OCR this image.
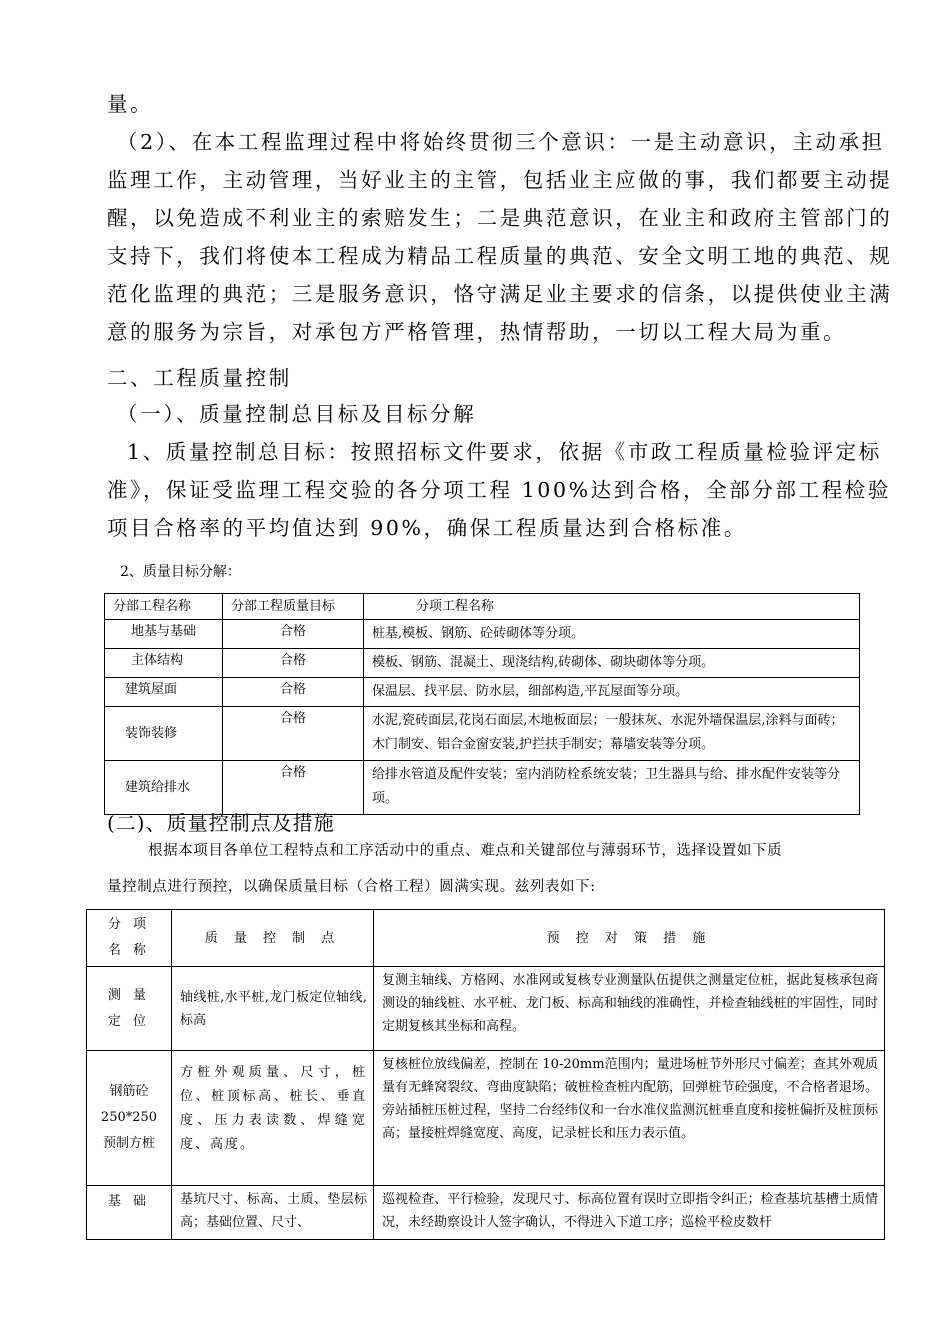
量。
（2）、在本工程监理过程中将始终贯彻三个意识：一是主动意识，主动承担
监理工作，主动管理，当好业主的主管，包括业主应做的事，我们都要主动提
醒，以免造成不利业主的索赔发生；二是典范意识，在业主和政府主管部门的
支持下，我们将使本工程成为精品工程质量的典范、安全文明工地的典范、规
范化监理的典范；三是服务意识，恪守满足业主要求的信条，以提供使业主满
意的服务为宗旨，对承包方严格管理，热情帮助，一切以工程大局为重。
二、工程质量控制
（一）、质量控制总目标及目标分解
1、质量控制总目标：按照招标文件要求，依据《市政工程质量检验评定标
准》，保证受监理工程交验的各分项工程 100%达到合格，全部分部工程检验
项目合格率的平均值达到 90%，确保工程质量达到合格标准。
2、质量目标分解：
分部工程名称	分部工程质量目标	分项工程名称
地基与基础	合格	桩基,模板、钢筋、砼砖砌体等分项。
主体结构	合格	模板、钢筋、混凝土、现浇结构,砖砌体、砌块砌体等分项。
建筑屋面	合格	保温层、找平层、防水层，细部构造,平瓦屋面等分项。
装饰装修	合格	水泥,瓷砖面层,花岗石面层,木地板面层；一般抹灰、水泥外墙保温层,涂料与面砖；木门制安、铝合金窗安装,护拦扶手制安；幕墙安装等分项。
建筑给排水	合格	给排水管道及配件安装；室内消防栓系统安装；卫生器具与给、排水配件安装等分项。
(二)、质量控制点及措施
根据本项目各单位工程特点和工序活动中的重点、难点和关键部位与薄弱环节，选择设置如下质
量控制点进行预控，以确保质量目标（合格工程）圆满实现。兹列表如下:
分 项 名 称	质 量 控 制 点	预 控 对 策 措 施
测 量 定 位	轴线桩,水平桩,龙门板定位轴线,标高	复测主轴线、方格网、水准网或复核专业测量队伍提供之测量定位桩，据此复核承包商测设的轴线桩、水平桩、龙门板、标高和轴线的准确性，并检查轴线桩的牢固性，同时定期复核其坐标和高程。
钢筋砼 250*250 预制方桩	方桩外观质量、尺寸，桩位、桩顶标高、桩长、垂直度、压力表读数、焊缝宽度、高度。	复核桩位放线偏差，控制在 10-20mm范围内；量进场桩节外形尺寸偏差；查其外观质量有无蜂窝裂纹、弯曲度缺陷；破桩检查桩内配筋，回弹桩节砼强度，不合格者退场。旁站插桩压桩过程，坚持二台经纬仪和一台水准仪监测沉桩垂直度和接桩偏折及桩顶标高；量接桩焊缝宽度、高度，记录桩长和压力表示值。
基 础	基坑尺寸、标高、土质、垫层标高；基础位置、尺寸、	巡视检查、平行检验，发现尺寸、标高位置有误时立即指令纠正；检查基坑基槽土质情况，未经勘察设计人签字确认，不得进入下道工序；巡检平检皮数杆
